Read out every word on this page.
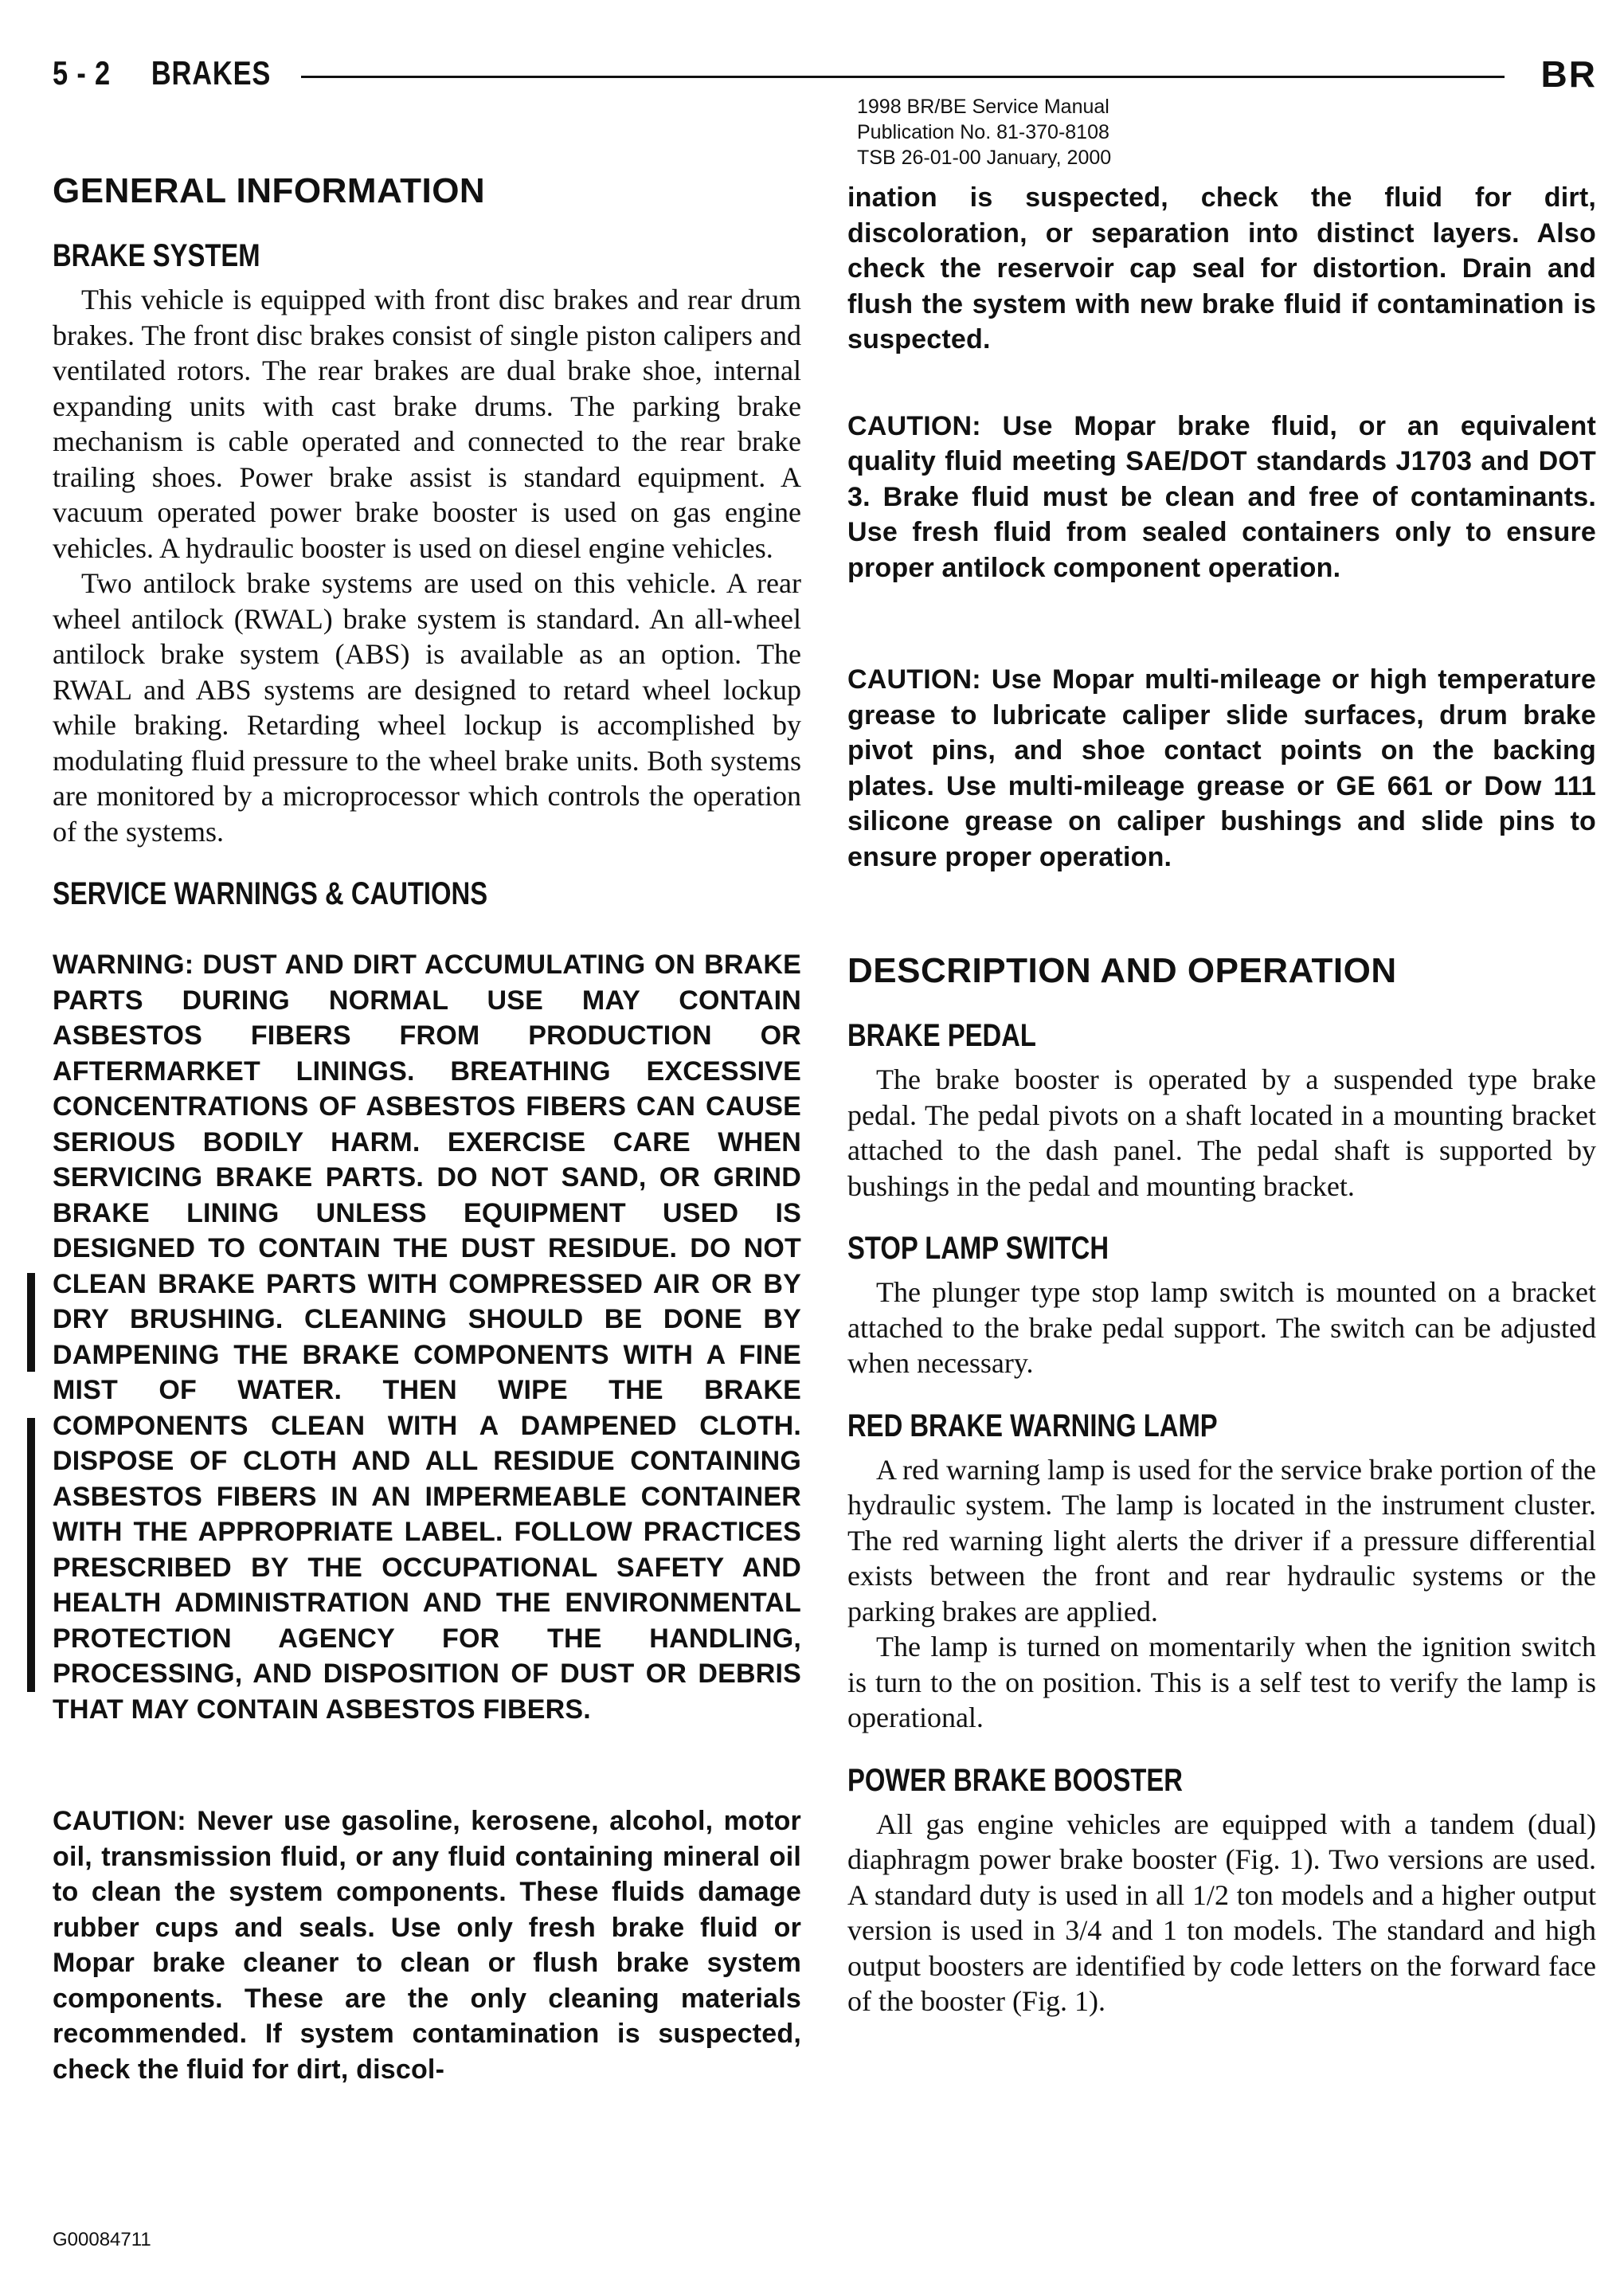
5 - 2 BRAKES	BR
1998 BR/BE Service Manual
Publication No. 81-370-8108
TSB 26-01-00 January, 2000
GENERAL INFORMATION
BRAKE SYSTEM

This vehicle is equipped with front disc brakes and rear drum brakes. The front disc brakes consist of single piston calipers and ventilated rotors. The rear brakes are dual brake shoe, internal expanding units with cast brake drums. The parking brake mechanism is cable operated and connected to the rear brake trailing shoes. Power brake assist is standard equipment. A vacuum operated power brake booster is used on gas engine vehicles. A hydraulic booster is used on diesel engine vehicles.

Two antilock brake systems are used on this vehicle. A rear wheel antilock (RWAL) brake system is standard. An all-wheel antilock brake system (ABS) is available as an option. The RWAL and ABS systems are designed to retard wheel lockup while braking. Retarding wheel lockup is accomplished by modulating fluid pressure to the wheel brake units. Both systems are monitored by a microprocessor which controls the operation of the systems.

SERVICE WARNINGS & CAUTIONS

WARNING: DUST AND DIRT ACCUMULATING ON BRAKE PARTS DURING NORMAL USE MAY CONTAIN ASBESTOS FIBERS FROM PRODUCTION OR AFTERMARKET LININGS. BREATHING EXCESSIVE CONCENTRATIONS OF ASBESTOS FIBERS CAN CAUSE SERIOUS BODILY HARM. EXERCISE CARE WHEN SERVICING BRAKE PARTS. DO NOT SAND, OR GRIND BRAKE LINING UNLESS EQUIPMENT USED IS DESIGNED TO CONTAIN THE DUST RESIDUE. DO NOT CLEAN BRAKE PARTS WITH COMPRESSED AIR OR BY DRY BRUSHING. CLEANING SHOULD BE DONE BY DAMPENING THE BRAKE COMPONENTS WITH A FINE MIST OF WATER. THEN WIPE THE BRAKE COMPONENTS CLEAN WITH A DAMPENED CLOTH. DISPOSE OF CLOTH AND ALL RESIDUE CONTAINING ASBESTOS FIBERS IN AN IMPERMEABLE CONTAINER WITH THE APPROPRIATE LABEL. FOLLOW PRACTICES PRESCRIBED BY THE OCCUPATIONAL SAFETY AND HEALTH ADMINISTRATION AND THE ENVIRONMENTAL PROTECTION AGENCY FOR THE HANDLING, PROCESSING, AND DISPOSITION OF DUST OR DEBRIS THAT MAY CONTAIN ASBESTOS FIBERS.

CAUTION: Never use gasoline, kerosene, alcohol, motor oil, transmission fluid, or any fluid containing mineral oil to clean the system components. These fluids damage rubber cups and seals. Use only fresh brake fluid or Mopar brake cleaner to clean or flush brake system components. These are the only cleaning materials recommended. If system contamination is suspected, check the fluid for dirt, discol-

ination is suspected, check the fluid for dirt, discoloration, or separation into distinct layers. Also check the reservoir cap seal for distortion. Drain and flush the system with new brake fluid if contamination is suspected.

CAUTION: Use Mopar brake fluid, or an equivalent quality fluid meeting SAE/DOT standards J1703 and DOT 3. Brake fluid must be clean and free of contaminants. Use fresh fluid from sealed containers only to ensure proper antilock component operation.

CAUTION: Use Mopar multi-mileage or high temperature grease to lubricate caliper slide surfaces, drum brake pivot pins, and shoe contact points on the backing plates. Use multi-mileage grease or GE 661 or Dow 111 silicone grease on caliper bushings and slide pins to ensure proper operation.

DESCRIPTION AND OPERATION
BRAKE PEDAL

The brake booster is operated by a suspended type brake pedal. The pedal pivots on a shaft located in a mounting bracket attached to the dash panel. The pedal shaft is supported by bushings in the pedal and mounting bracket.

STOP LAMP SWITCH

The plunger type stop lamp switch is mounted on a bracket attached to the brake pedal support. The switch can be adjusted when necessary.

RED BRAKE WARNING LAMP

A red warning lamp is used for the service brake portion of the hydraulic system. The lamp is located in the instrument cluster. The red warning light alerts the driver if a pressure differential exists between the front and rear hydraulic systems or the parking brakes are applied.

The lamp is turned on momentarily when the ignition switch is turn to the on position. This is a self test to verify the lamp is operational.

POWER BRAKE BOOSTER

All gas engine vehicles are equipped with a tandem (dual) diaphragm power brake booster (Fig. 1). Two versions are used. A standard duty is used in all 1/2 ton models and a higher output version is used in 3/4 and 1 ton models. The standard and high output boosters are identified by code letters on the forward face of the booster (Fig. 1).

G00084711
